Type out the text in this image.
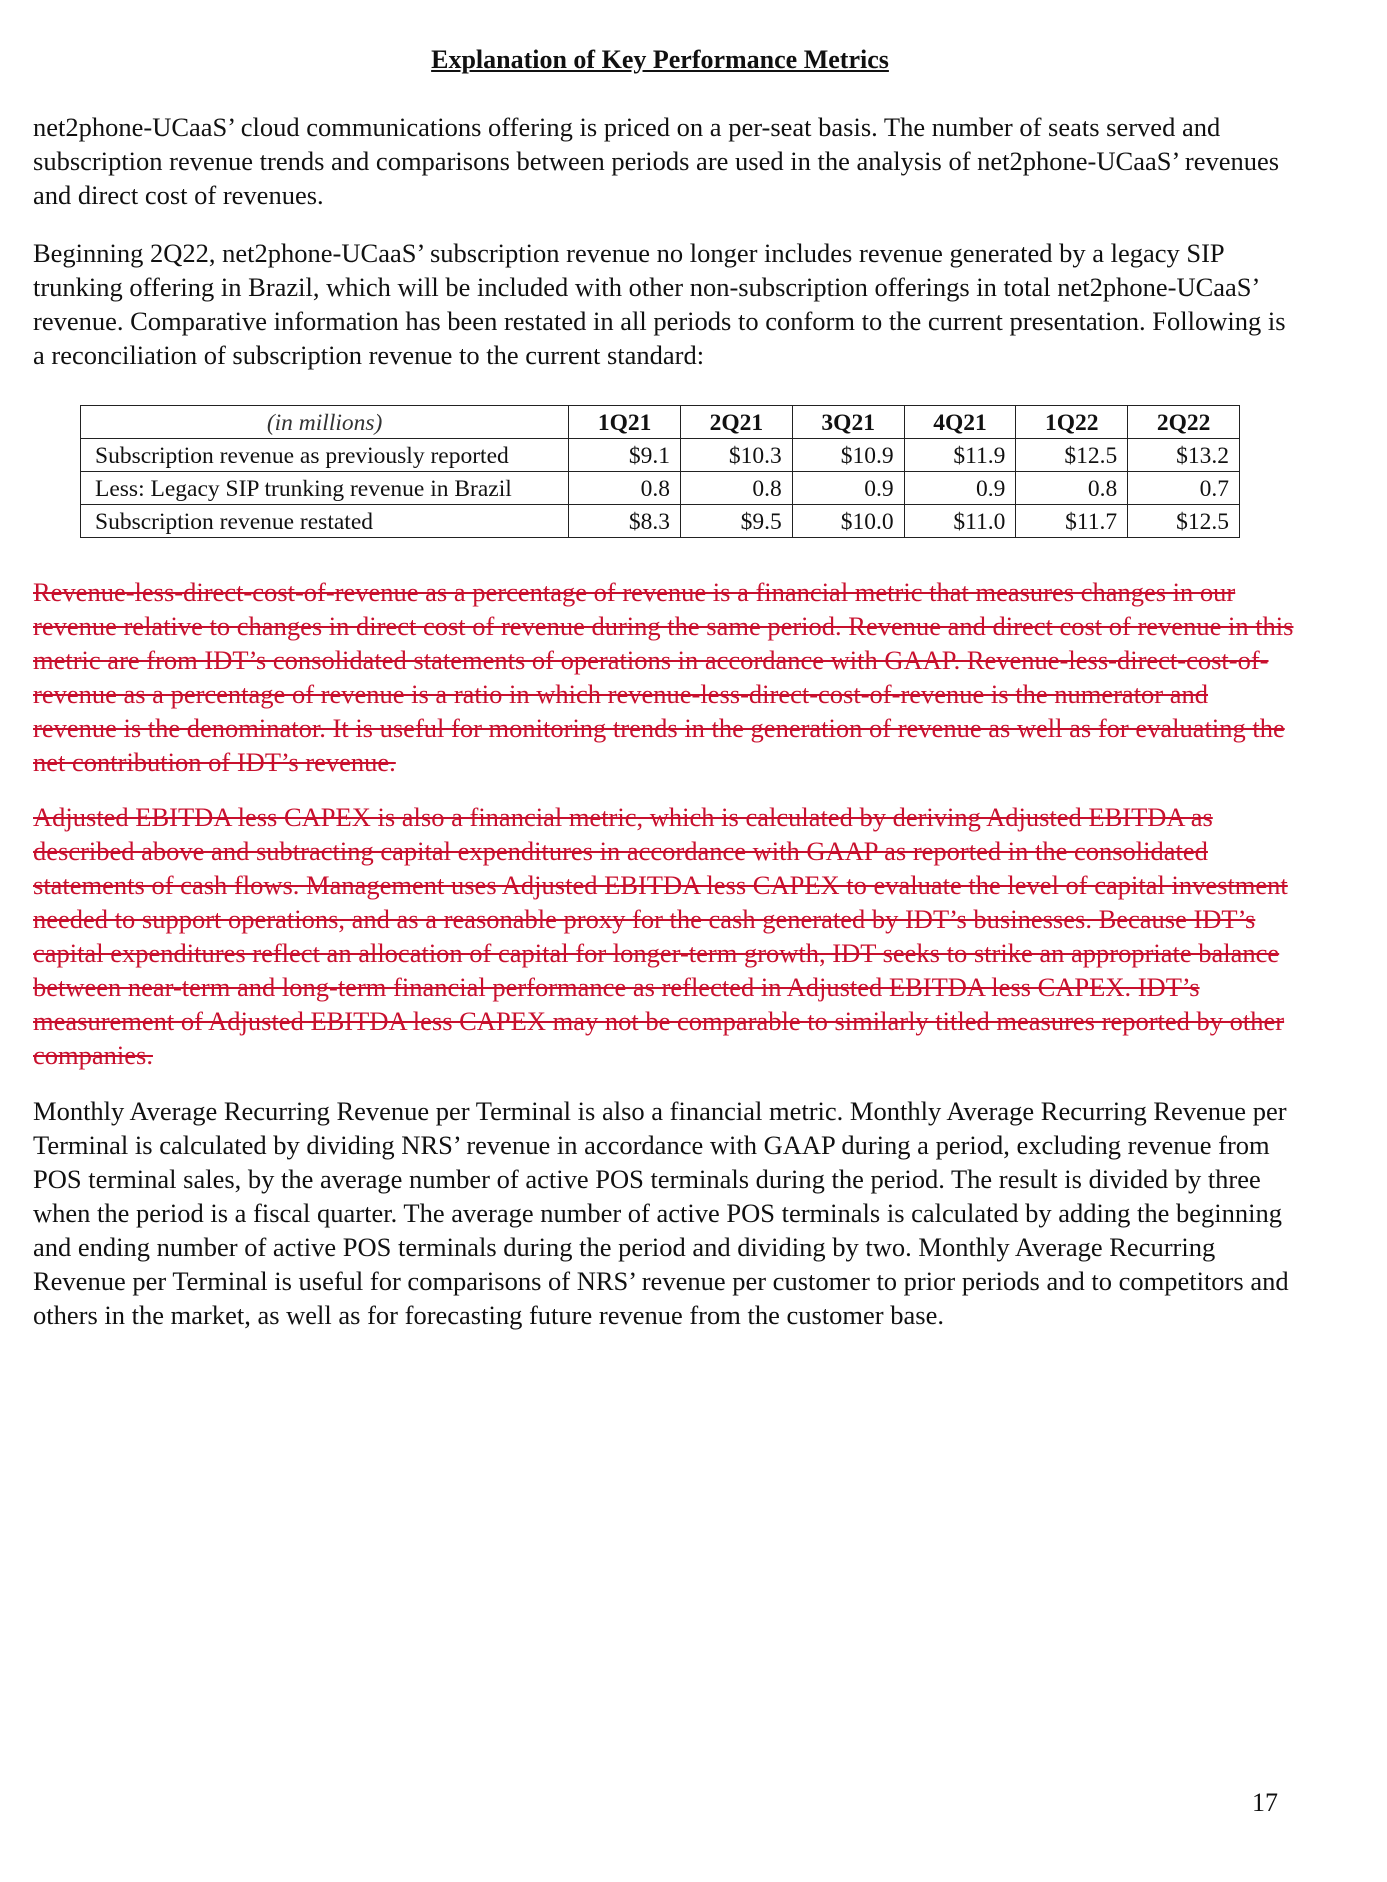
Explanation of Key Performance Metrics

net2phone-UCaaS’ cloud communications offering is priced on a per-seat basis. The number of seats served and subscription revenue trends and comparisons between periods are used in the analysis of net2phone-UCaaS’ revenues and direct cost of revenues.

Beginning 2Q22, net2phone-UCaaS’ subscription revenue no longer includes revenue generated by a legacy SIP trunking offering in Brazil, which will be included with other non-subscription offerings in total net2phone-UCaaS’ revenue. Comparative information has been restated in all periods to conform to the current presentation. Following is a reconciliation of subscription revenue to the current standard:

(in millions)	1Q21	2Q21	3Q21	4Q21	1Q22	2Q22
Subscription revenue as previously reported	$9.1	$10.3	$10.9	$11.9	$12.5	$13.2
Less: Legacy SIP trunking revenue in Brazil	0.8	0.8	0.9	0.9	0.8	0.7
Subscription revenue restated	$8.3	$9.5	$10.0	$11.0	$11.7	$12.5

Revenue-less-direct-cost-of-revenue as a percentage of revenue is a financial metric that measures changes in our revenue relative to changes in direct cost of revenue during the same period. Revenue and direct cost of revenue in this metric are from IDT’s consolidated statements of operations in accordance with GAAP. Revenue-less-direct-cost-of-revenue as a percentage of revenue is a ratio in which revenue-less-direct-cost-of-revenue is the numerator and revenue is the denominator. It is useful for monitoring trends in the generation of revenue as well as for evaluating the net contribution of IDT’s revenue.

Adjusted EBITDA less CAPEX is also a financial metric, which is calculated by deriving Adjusted EBITDA as described above and subtracting capital expenditures in accordance with GAAP as reported in the consolidated statements of cash flows. Management uses Adjusted EBITDA less CAPEX to evaluate the level of capital investment needed to support operations, and as a reasonable proxy for the cash generated by IDT’s businesses. Because IDT’s capital expenditures reflect an allocation of capital for longer-term growth, IDT seeks to strike an appropriate balance between near-term and long-term financial performance as reflected in Adjusted EBITDA less CAPEX. IDT’s measurement of Adjusted EBITDA less CAPEX may not be comparable to similarly titled measures reported by other companies.

Monthly Average Recurring Revenue per Terminal is also a financial metric. Monthly Average Recurring Revenue per Terminal is calculated by dividing NRS’ revenue in accordance with GAAP during a period, excluding revenue from POS terminal sales, by the average number of active POS terminals during the period. The result is divided by three when the period is a fiscal quarter. The average number of active POS terminals is calculated by adding the beginning and ending number of active POS terminals during the period and dividing by two. Monthly Average Recurring Revenue per Terminal is useful for comparisons of NRS’ revenue per customer to prior periods and to competitors and others in the market, as well as for forecasting future revenue from the customer base.

17
